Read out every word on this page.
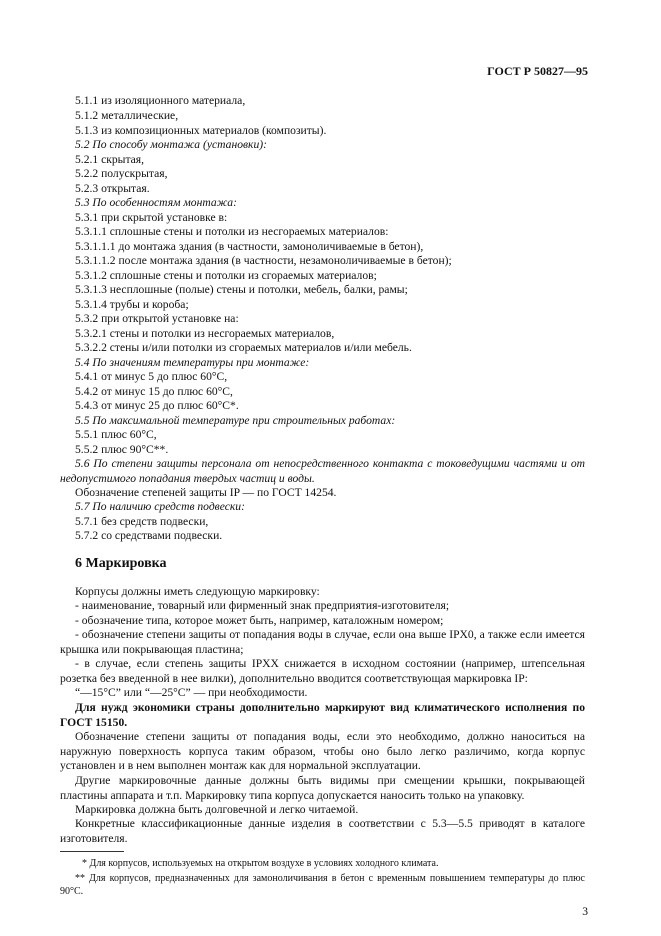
ГОСТ Р 50827—95

5.1.1 из изоляционного материала,

5.1.2 металлические,

5.1.3 из композиционных материалов (композиты).

5.2 По способу монтажа (установки):

5.2.1 скрытая,

5.2.2 полускрытая,

5.2.3 открытая.

5.3 По особенностям монтажа:

5.3.1 при скрытой установке в:

5.3.1.1 сплошные стены и потолки из несгораемых материалов:

5.3.1.1.1 до монтажа здания (в частности, замоноличиваемые в бетон),

5.3.1.1.2 после монтажа здания (в частности, незамоноличиваемые в бетон);

5.3.1.2 сплошные стены и потолки из сгораемых материалов;

5.3.1.3 несплошные (полые) стены и потолки, мебель, балки, рамы;

5.3.1.4 трубы и короба;

5.3.2 при открытой установке на:

5.3.2.1 стены и потолки из несгораемых материалов,

5.3.2.2 стены и/или потолки из сгораемых материалов и/или мебель.

5.4 По значениям температуры при монтаже:

5.4.1 от минус 5 до плюс 60°С,

5.4.2 от минус 15 до плюс 60°С,

5.4.3 от минус 25 до плюс 60°С*.

5.5 По максимальной температуре при строительных работах:

5.5.1 плюс 60°С,

5.5.2 плюс 90°С**.

5.6 По степени защиты персонала от непосредственного контакта с токоведущими частями и от недопустимого попадания твердых частиц и воды.

Обозначение степеней защиты IP — по ГОСТ 14254.

5.7 По наличию средств подвески:

5.7.1 без средств подвески,

5.7.2 со средствами подвески.

6 Маркировка

Корпусы должны иметь следующую маркировку:

- наименование, товарный или фирменный знак предприятия-изготовителя;

- обозначение типа, которое может быть, например, каталожным номером;

- обозначение степени защиты от попадания воды в случае, если она выше IPX0, а также если имеется крышка или покрывающая пластина;

- в случае, если степень защиты IPXX снижается в исходном состоянии (например, штепсельная розетка без введенной в нее вилки), дополнительно вводится соответствующая маркировка IP:

“—15°С” или “—25°С” — при необходимости.

Для нужд экономики страны дополнительно маркируют вид климатического исполнения по ГОСТ 15150.

Обозначение степени защиты от попадания воды, если это необходимо, должно наноситься на наружную поверхность корпуса таким образом, чтобы оно было легко различимо, когда корпус установлен и в нем выполнен монтаж как для нормальной эксплуатации.

Другие маркировочные данные должны быть видимы при смещении крышки, покрывающей пластины аппарата и т.п. Маркировку типа корпуса допускается наносить только на упаковку.

Маркировка должна быть долговечной и легко читаемой.

Конкретные классификационные данные изделия в соответствии с 5.3—5.5 приводят в каталоге изготовителя.

* Для корпусов, используемых на открытом воздухе в условиях холодного климата.

** Для корпусов, предназначенных для замоноличивания в бетон с временным повышением температуры до плюс 90°С.

3
